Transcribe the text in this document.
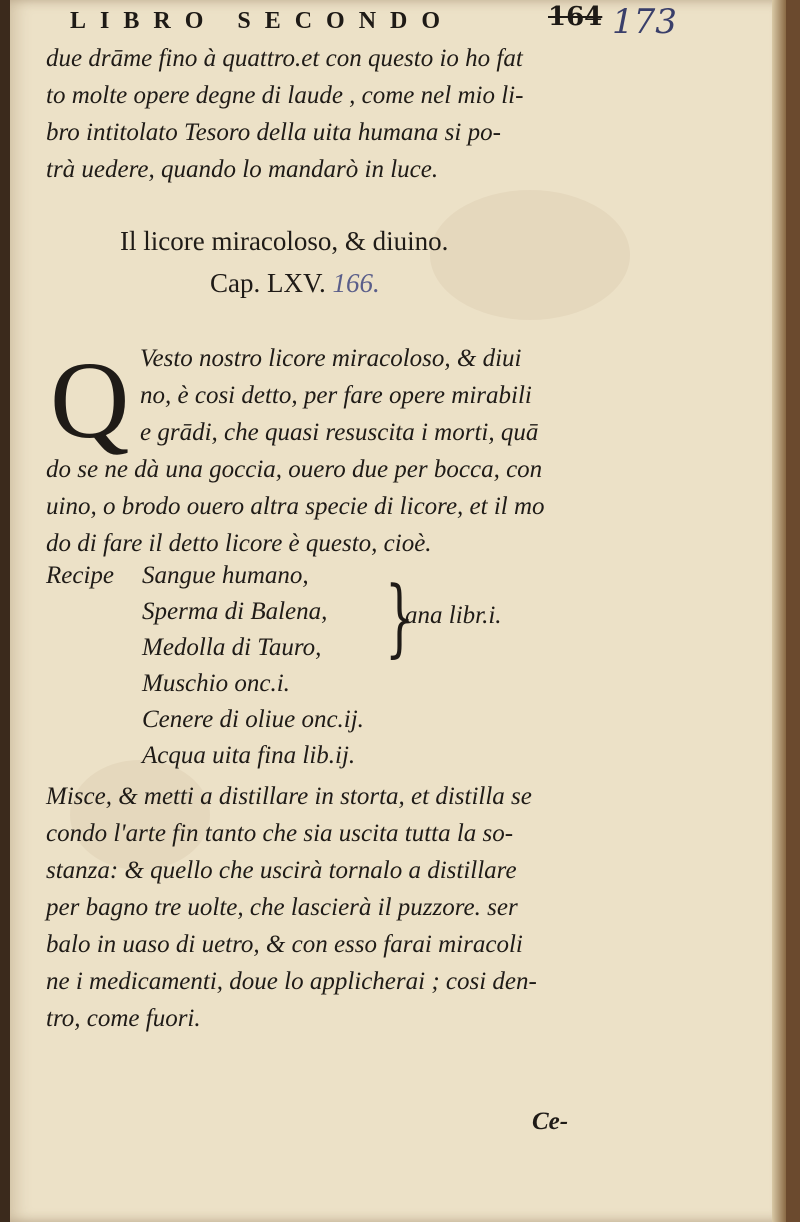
LIBRO SECONDO	164 173
due drāme fino à quattro.et con questo io ho fat
to molte opere degne di laude , come nel mio li-
bro intitolato Tesoro della uita humana si po-
trà uedere, quando lo mandarò in luce.
Il licore miracoloso, & diuino.
Cap. LXV. 166.
Q Vesto nostro licore miracoloso, & diui
no, è cosi detto, per fare opere mirabili
e grādi, che quasi resuscita i morti, quā
do se ne dà una goccia, ouero due per bocca, con
uino, o brodo ouero altra specie di licore, et il mo
do di fare il detto licore è questo, cioè.
Recipe Sangue humano,
Sperma di Balena,
Medolla di Tauro,
Muschio onc.i.
Cenere di oliue onc.ij.
Acqua uita fina lib.ij.
}
ana libr.i.
Misce, & metti a distillare in storta, et distilla se
condo l'arte fin tanto che sia uscita tutta la so-
stanza: & quello che uscirà tornalo a distillare
per bagno tre uolte, che lascierà il puzzore. ser
balo in uaso di uetro, & con esso farai miracoli
ne i medicamenti, doue lo applicherai ; cosi den-
tro, come fuori.
Ce-
